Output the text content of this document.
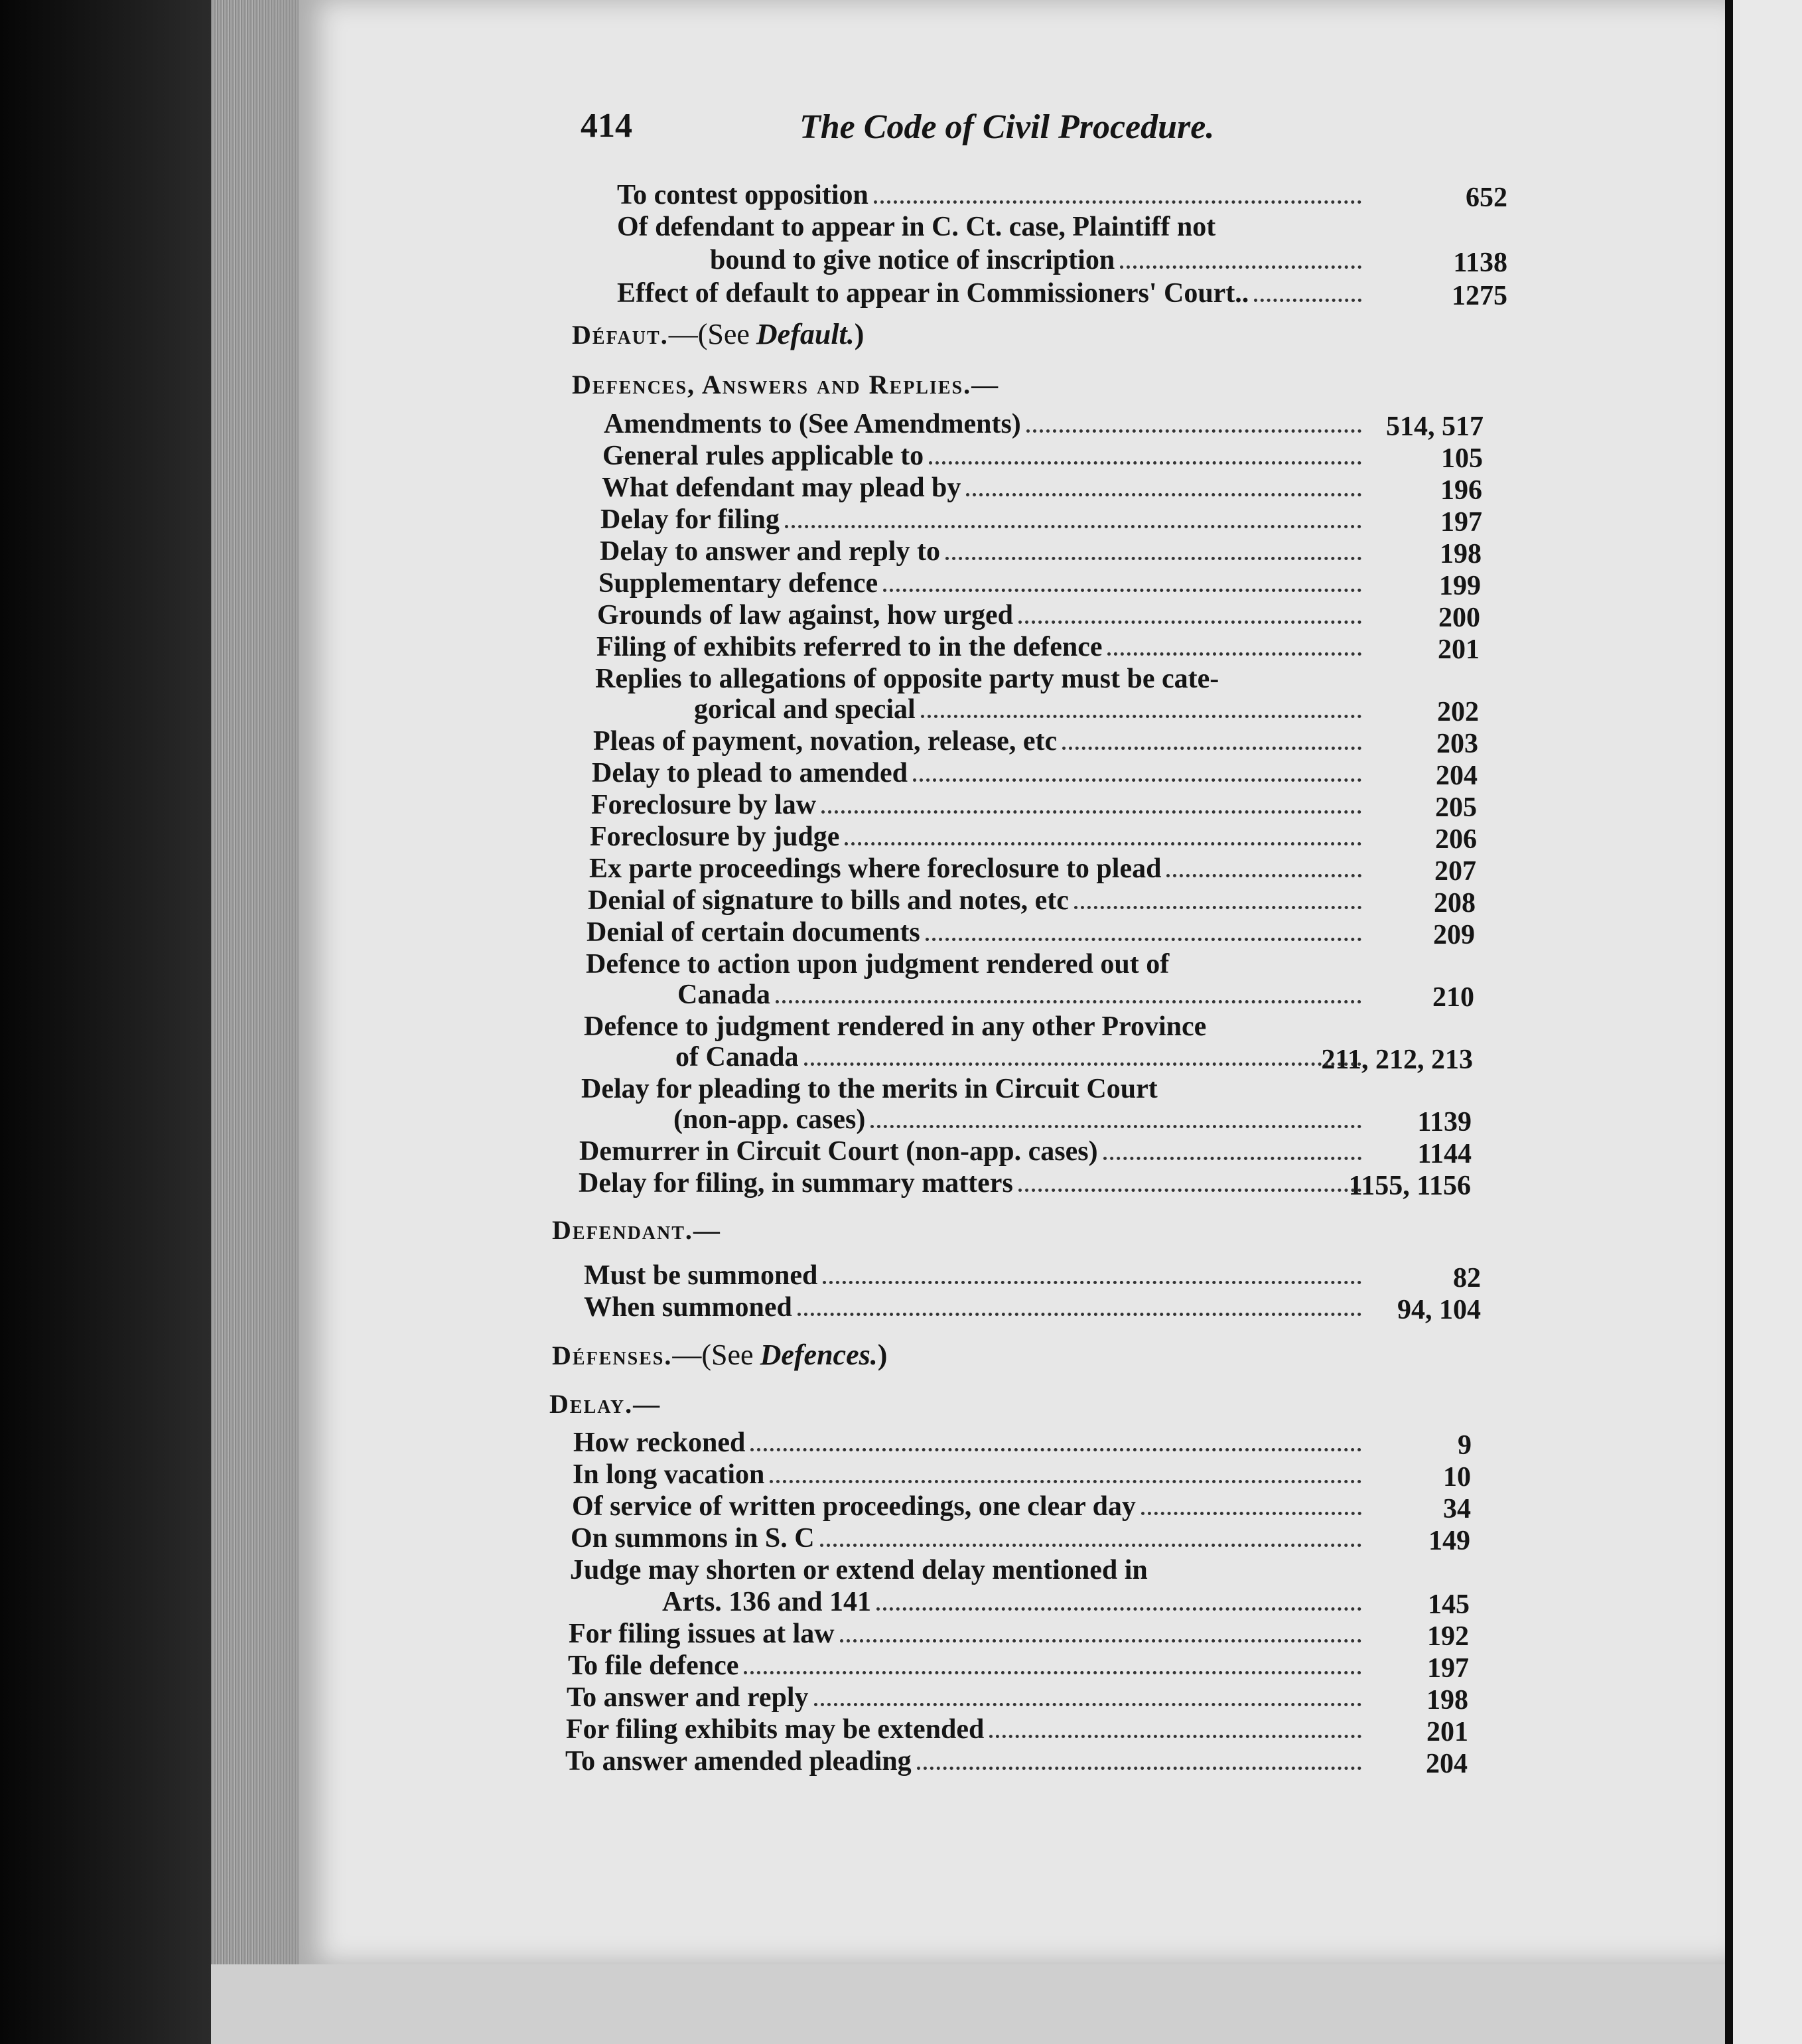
414	The Code of Civil Procedure.
652
To contest opposition
Of defendant to appear in C. Ct. case, Plaintiff not
1138
bound to give notice of inscription
1275
Effect of default to appear in Commissioners' Court..
Défaut.—(See Default.)
Defences, Answers and Replies.—
514, 517
Amendments to (See Amendments)
105
General rules applicable to
196
What defendant may plead by
197
Delay for filing
198
Delay to answer and reply to
199
Supplementary defence
200
Grounds of law against, how urged
201
Filing of exhibits referred to in the defence
Replies to allegations of opposite party must be cate-
202
gorical and special
203
Pleas of payment, novation, release, etc
204
Delay to plead to amended
205
Foreclosure by law
206
Foreclosure by judge
207
Ex parte proceedings where foreclosure to plead
208
Denial of signature to bills and notes, etc
209
Denial of certain documents
Defence to action upon judgment rendered out of
210
Canada
Defence to judgment rendered in any other Province
211, 212, 213
of Canada
Delay for pleading to the merits in Circuit Court
1139
(non-app. cases)
1144
Demurrer in Circuit Court (non-app. cases)
1155, 1156
Delay for filing, in summary matters
Defendant.—
82
Must be summoned
94, 104
When summoned
Défenses.—(See Defences.)
Delay.—
9
How reckoned
10
In long vacation
34
Of service of written proceedings, one clear day
149
On summons in S. C
Judge may shorten or extend delay mentioned in
145
Arts. 136 and 141
192
For filing issues at law
197
To file defence
198
To answer and reply
201
For filing exhibits may be extended
204
To answer amended pleading
